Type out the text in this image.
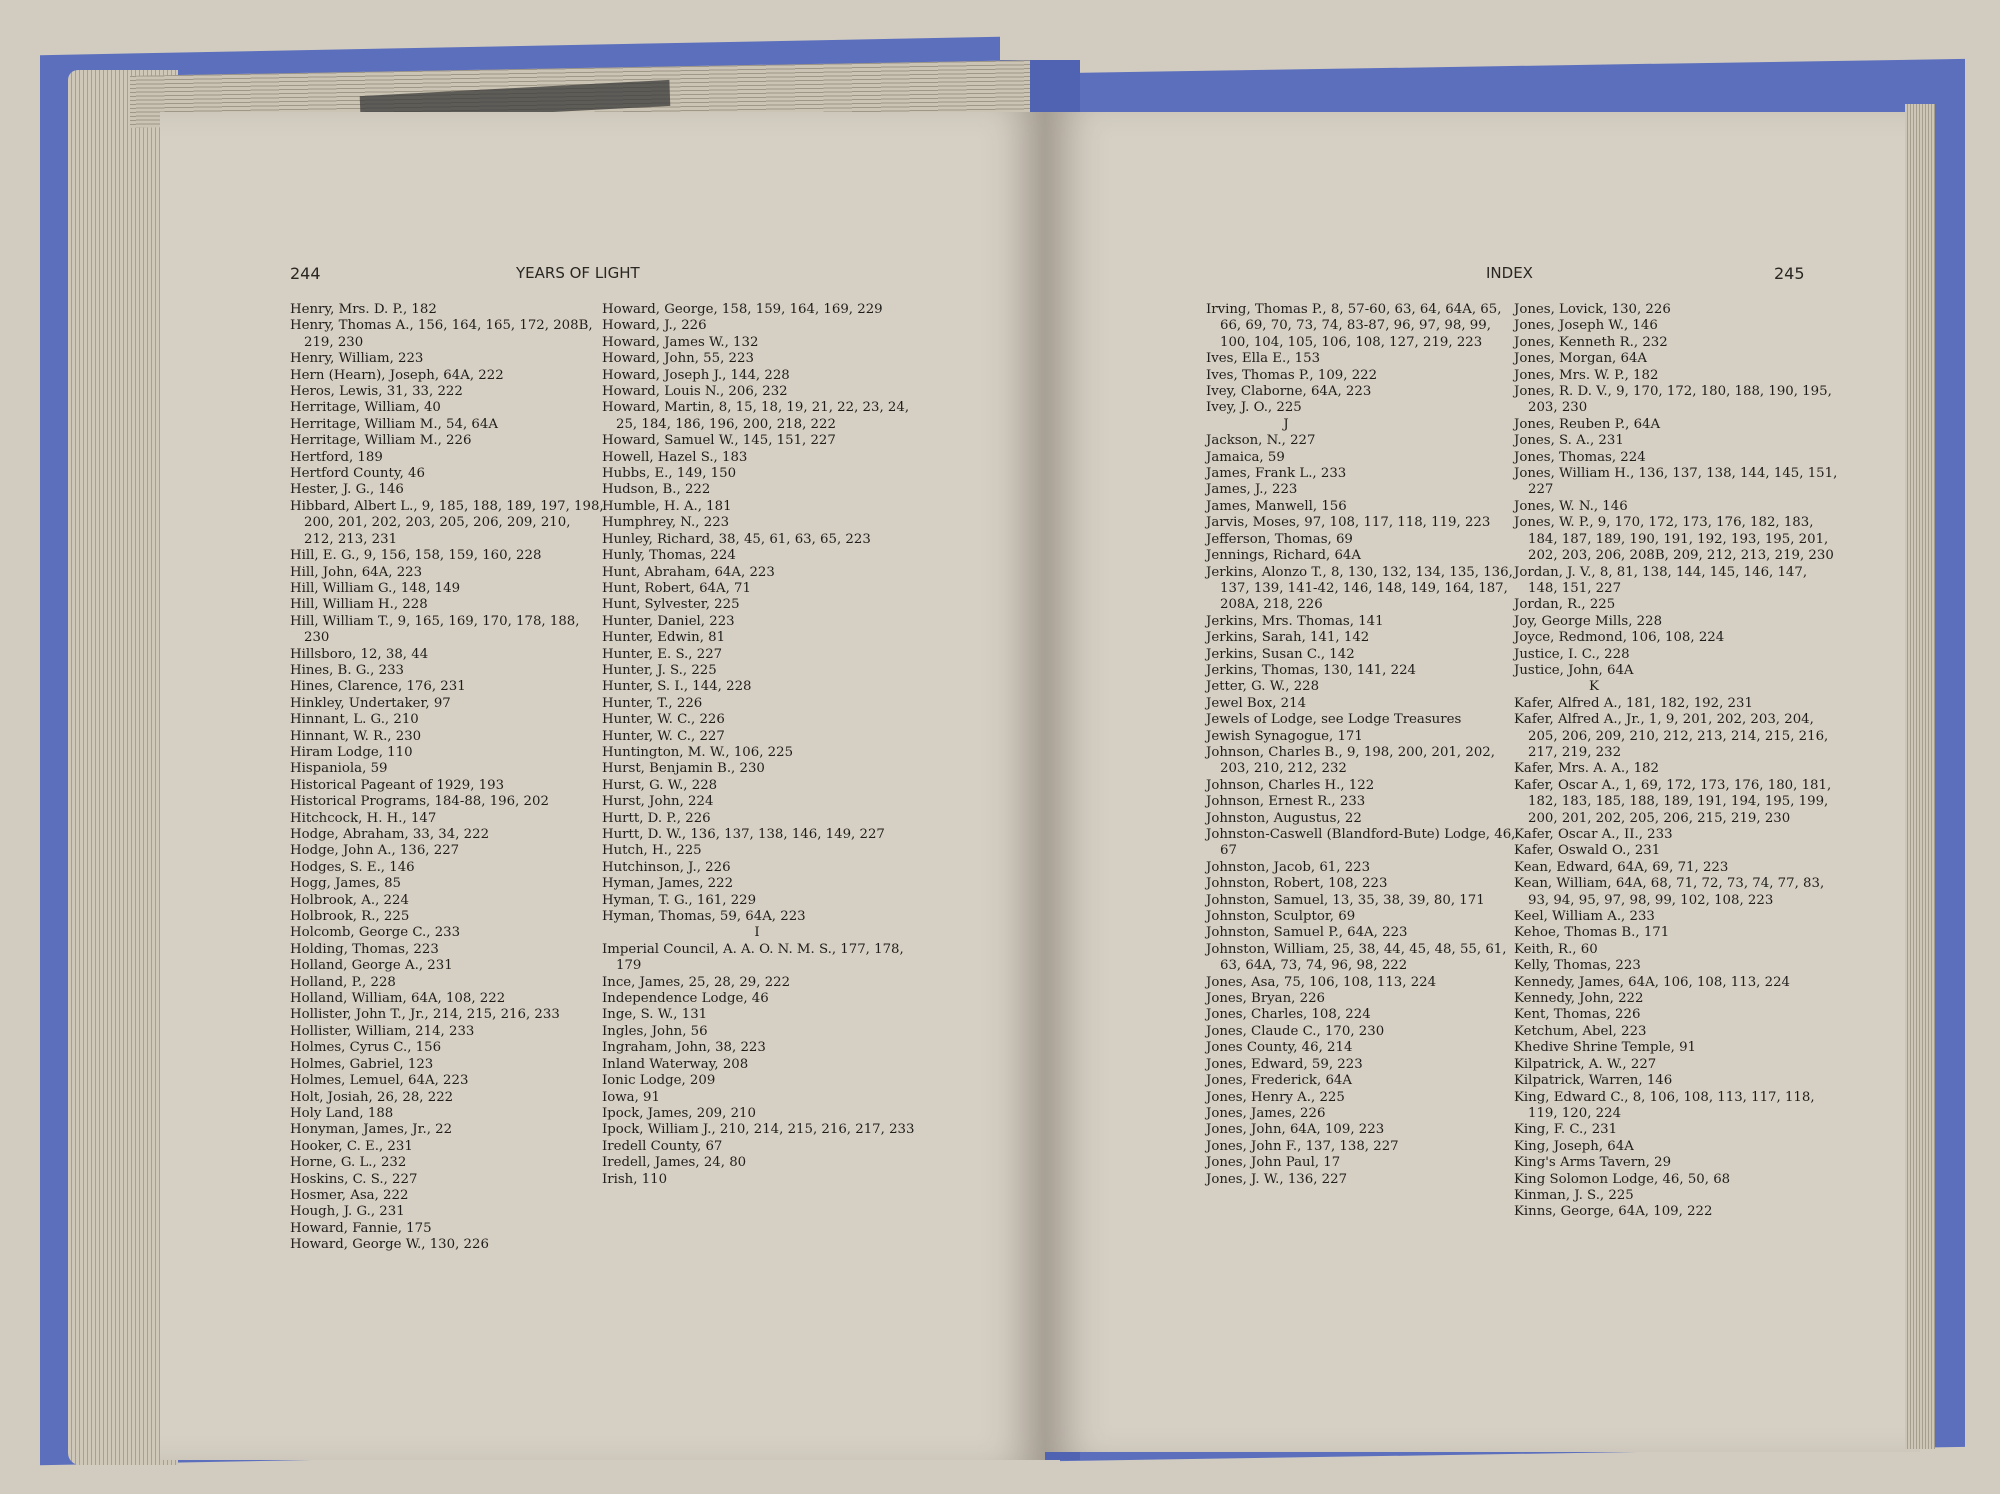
244	YEARS OF LIGHT	INDEX	245
Henry, Mrs. D. P., 182
Henry, Thomas A., 156, 164, 165, 172, 208B, 219, 230
Henry, William, 223
Hern (Hearn), Joseph, 64A, 222
Heros, Lewis, 31, 33, 222
Herritage, William, 40
Herritage, William M., 54, 64A
Herritage, William M., 226
Hertford, 189
Hertford County, 46
Hester, J. G., 146
Hibbard, Albert L., 9, 185, 188, 189, 197, 198, 200, 201, 202, 203, 205, 206, 209, 210, 212, 213, 231
Hill, E. G., 9, 156, 158, 159, 160, 228
Hill, John, 64A, 223
Hill, William G., 148, 149
Hill, William H., 228
Hill, William T., 9, 165, 169, 170, 178, 188, 230
Hillsboro, 12, 38, 44
Hines, B. G., 233
Hines, Clarence, 176, 231
Hinkley, Undertaker, 97
Hinnant, L. G., 210
Hinnant, W. R., 230
Hiram Lodge, 110
Hispaniola, 59
Historical Pageant of 1929, 193
Historical Programs, 184-88, 196, 202
Hitchcock, H. H., 147
Hodge, Abraham, 33, 34, 222
Hodge, John A., 136, 227
Hodges, S. E., 146
Hogg, James, 85
Holbrook, A., 224
Holbrook, R., 225
Holcomb, George C., 233
Holding, Thomas, 223
Holland, George A., 231
Holland, P., 228
Holland, William, 64A, 108, 222
Hollister, John T., Jr., 214, 215, 216, 233
Hollister, William, 214, 233
Holmes, Cyrus C., 156
Holmes, Gabriel, 123
Holmes, Lemuel, 64A, 223
Holt, Josiah, 26, 28, 222
Holy Land, 188
Honyman, James, Jr., 22
Hooker, C. E., 231
Horne, G. L., 232
Hoskins, C. S., 227
Hosmer, Asa, 222
Hough, J. G., 231
Howard, Fannie, 175
Howard, George W., 130, 226
Howard, George, 158, 159, 164, 169, 229
Howard, J., 226
Howard, James W., 132
Howard, John, 55, 223
Howard, Joseph J., 144, 228
Howard, Louis N., 206, 232
Howard, Martin, 8, 15, 18, 19, 21, 22, 23, 24, 25, 184, 186, 196, 200, 218, 222
Howard, Samuel W., 145, 151, 227
Howell, Hazel S., 183
Hubbs, E., 149, 150
Hudson, B., 222
Humble, H. A., 181
Humphrey, N., 223
Hunley, Richard, 38, 45, 61, 63, 65, 223
Hunly, Thomas, 224
Hunt, Abraham, 64A, 223
Hunt, Robert, 64A, 71
Hunt, Sylvester, 225
Hunter, Daniel, 223
Hunter, Edwin, 81
Hunter, E. S., 227
Hunter, J. S., 225
Hunter, S. I., 144, 228
Hunter, T., 226
Hunter, W. C., 226
Hunter, W. C., 227
Huntington, M. W., 106, 225
Hurst, Benjamin B., 230
Hurst, G. W., 228
Hurst, John, 224
Hurtt, D. P., 226
Hurtt, D. W., 136, 137, 138, 146, 149, 227
Hutch, H., 225
Hutchinson, J., 226
Hyman, James, 222
Hyman, T. G., 161, 229
Hyman, Thomas, 59, 64A, 223
I
Imperial Council, A. A. O. N. M. S., 177, 178, 179
Ince, James, 25, 28, 29, 222
Independence Lodge, 46
Inge, S. W., 131
Ingles, John, 56
Ingraham, John, 38, 223
Inland Waterway, 208
Ionic Lodge, 209
Iowa, 91
Ipock, James, 209, 210
Ipock, William J., 210, 214, 215, 216, 217, 233
Iredell County, 67
Iredell, James, 24, 80
Irish, 110
Irving, Thomas P., 8, 57-60, 63, 64, 64A, 65, 66, 69, 70, 73, 74, 83-87, 96, 97, 98, 99, 100, 104, 105, 106, 108, 127, 219, 223
Ives, Ella E., 153
Ives, Thomas P., 109, 222
Ivey, Claborne, 64A, 223
Ivey, J. O., 225
J
Jackson, N., 227
Jamaica, 59
James, Frank L., 233
James, J., 223
James, Manwell, 156
Jarvis, Moses, 97, 108, 117, 118, 119, 223
Jefferson, Thomas, 69
Jennings, Richard, 64A
Jerkins, Alonzo T., 8, 130, 132, 134, 135, 136, 137, 139, 141-42, 146, 148, 149, 164, 187, 208A, 218, 226
Jerkins, Mrs. Thomas, 141
Jerkins, Sarah, 141, 142
Jerkins, Susan C., 142
Jerkins, Thomas, 130, 141, 224
Jetter, G. W., 228
Jewel Box, 214
Jewels of Lodge, see Lodge Treasures
Jewish Synagogue, 171
Johnson, Charles B., 9, 198, 200, 201, 202, 203, 210, 212, 232
Johnson, Charles H., 122
Johnson, Ernest R., 233
Johnston, Augustus, 22
Johnston-Caswell (Blandford-Bute) Lodge, 46, 67
Johnston, Jacob, 61, 223
Johnston, Robert, 108, 223
Johnston, Samuel, 13, 35, 38, 39, 80, 171
Johnston, Sculptor, 69
Johnston, Samuel P., 64A, 223
Johnston, William, 25, 38, 44, 45, 48, 55, 61, 63, 64A, 73, 74, 96, 98, 222
Jones, Asa, 75, 106, 108, 113, 224
Jones, Bryan, 226
Jones, Charles, 108, 224
Jones, Claude C., 170, 230
Jones County, 46, 214
Jones, Edward, 59, 223
Jones, Frederick, 64A
Jones, Henry A., 225
Jones, James, 226
Jones, John, 64A, 109, 223
Jones, John F., 137, 138, 227
Jones, John Paul, 17
Jones, J. W., 136, 227
Jones, Lovick, 130, 226
Jones, Joseph W., 146
Jones, Kenneth R., 232
Jones, Morgan, 64A
Jones, Mrs. W. P., 182
Jones, R. D. V., 9, 170, 172, 180, 188, 190, 195, 203, 230
Jones, Reuben P., 64A
Jones, S. A., 231
Jones, Thomas, 224
Jones, William H., 136, 137, 138, 144, 145, 151, 227
Jones, W. N., 146
Jones, W. P., 9, 170, 172, 173, 176, 182, 183, 184, 187, 189, 190, 191, 192, 193, 195, 201, 202, 203, 206, 208B, 209, 212, 213, 219, 230
Jordan, J. V., 8, 81, 138, 144, 145, 146, 147, 148, 151, 227
Jordan, R., 225
Joy, George Mills, 228
Joyce, Redmond, 106, 108, 224
Justice, I. C., 228
Justice, John, 64A
K
Kafer, Alfred A., 181, 182, 192, 231
Kafer, Alfred A., Jr., 1, 9, 201, 202, 203, 204, 205, 206, 209, 210, 212, 213, 214, 215, 216, 217, 219, 232
Kafer, Mrs. A. A., 182
Kafer, Oscar A., 1, 69, 172, 173, 176, 180, 181, 182, 183, 185, 188, 189, 191, 194, 195, 199, 200, 201, 202, 205, 206, 215, 219, 230
Kafer, Oscar A., II., 233
Kafer, Oswald O., 231
Kean, Edward, 64A, 69, 71, 223
Kean, William, 64A, 68, 71, 72, 73, 74, 77, 83, 93, 94, 95, 97, 98, 99, 102, 108, 223
Keel, William A., 233
Kehoe, Thomas B., 171
Keith, R., 60
Kelly, Thomas, 223
Kennedy, James, 64A, 106, 108, 113, 224
Kennedy, John, 222
Kent, Thomas, 226
Ketchum, Abel, 223
Khedive Shrine Temple, 91
Kilpatrick, A. W., 227
Kilpatrick, Warren, 146
King, Edward C., 8, 106, 108, 113, 117, 118, 119, 120, 224
King, F. C., 231
King, Joseph, 64A
King's Arms Tavern, 29
King Solomon Lodge, 46, 50, 68
Kinman, J. S., 225
Kinns, George, 64A, 109, 222
